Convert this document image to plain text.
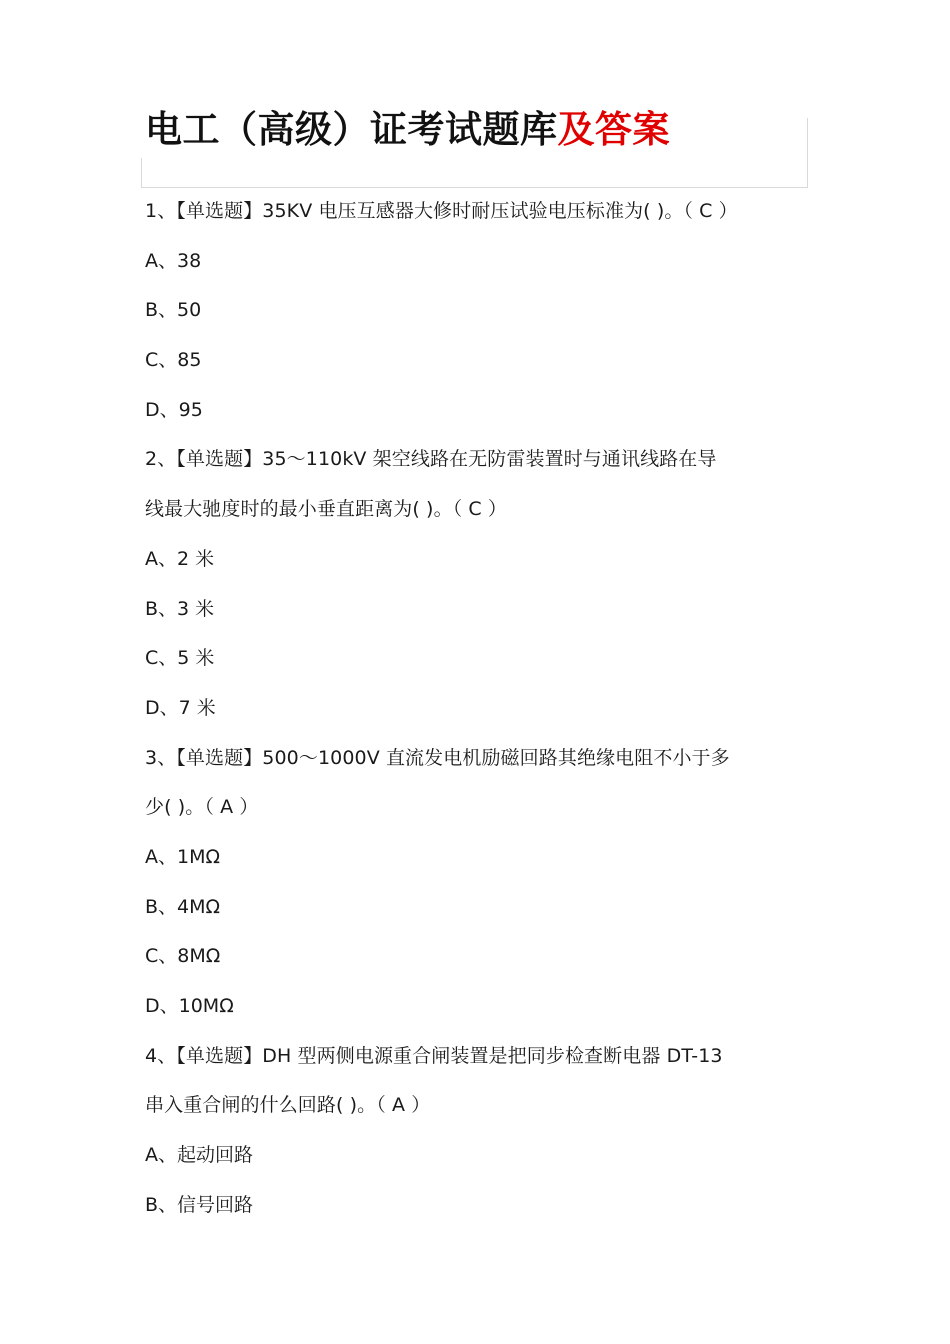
电工（高级）证考试题库及答案
1、【单选题】35KV 电压互感器大修时耐压试验电压标准为( )。（ C ）
A、38
B、50
C、85
D、95
2、【单选题】35～110kV 架空线路在无防雷装置时与通讯线路在导
线最大驰度时的最小垂直距离为( )。（ C ）
A、2 米
B、3 米
C、5 米
D、7 米
3、【单选题】500～1000V 直流发电机励磁回路其绝缘电阻不小于多
少( )。（ A ）
A、1MΩ
B、4MΩ
C、8MΩ
D、10MΩ
4、【单选题】DH 型两侧电源重合闸装置是把同步检查断电器 DT-13
串入重合闸的什么回路( )。（ A ）
A、起动回路
B、信号回路
